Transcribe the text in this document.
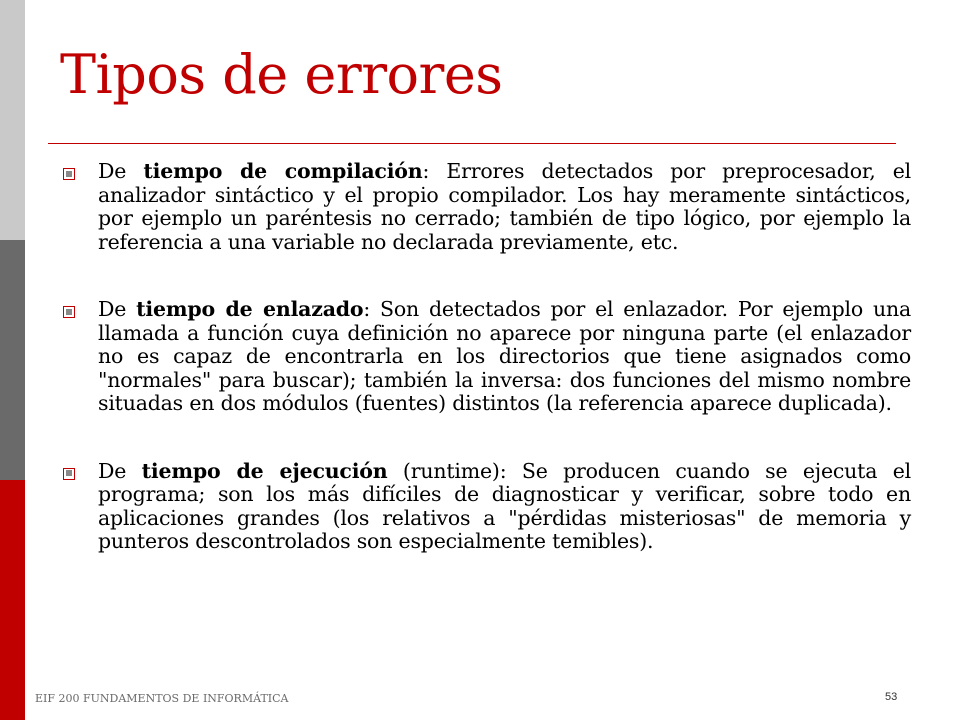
Tipos de errores

De tiempo de compilación: Errores detectados por preprocesador, el analizador sintáctico y el propio compilador. Los hay meramente sintácticos, por ejemplo un paréntesis no cerrado; también de tipo lógico, por ejemplo la referencia a una variable no declarada previamente, etc.

De tiempo de enlazado: Son detectados por el enlazador. Por ejemplo una llamada a función cuya definición no aparece por ninguna parte (el enlazador no es capaz de encontrarla en los directorios que tiene asignados como "normales" para buscar); también la inversa: dos funciones del mismo nombre situadas en dos módulos (fuentes) distintos (la referencia aparece duplicada).

De tiempo de ejecución (runtime): Se producen cuando se ejecuta el programa; son los más difíciles de diagnosticar y verificar, sobre todo en aplicaciones grandes (los relativos a "pérdidas misteriosas" de memoria y punteros descontrolados son especialmente temibles).

EIF 200 FUNDAMENTOS DE INFORMÁTICA	53
